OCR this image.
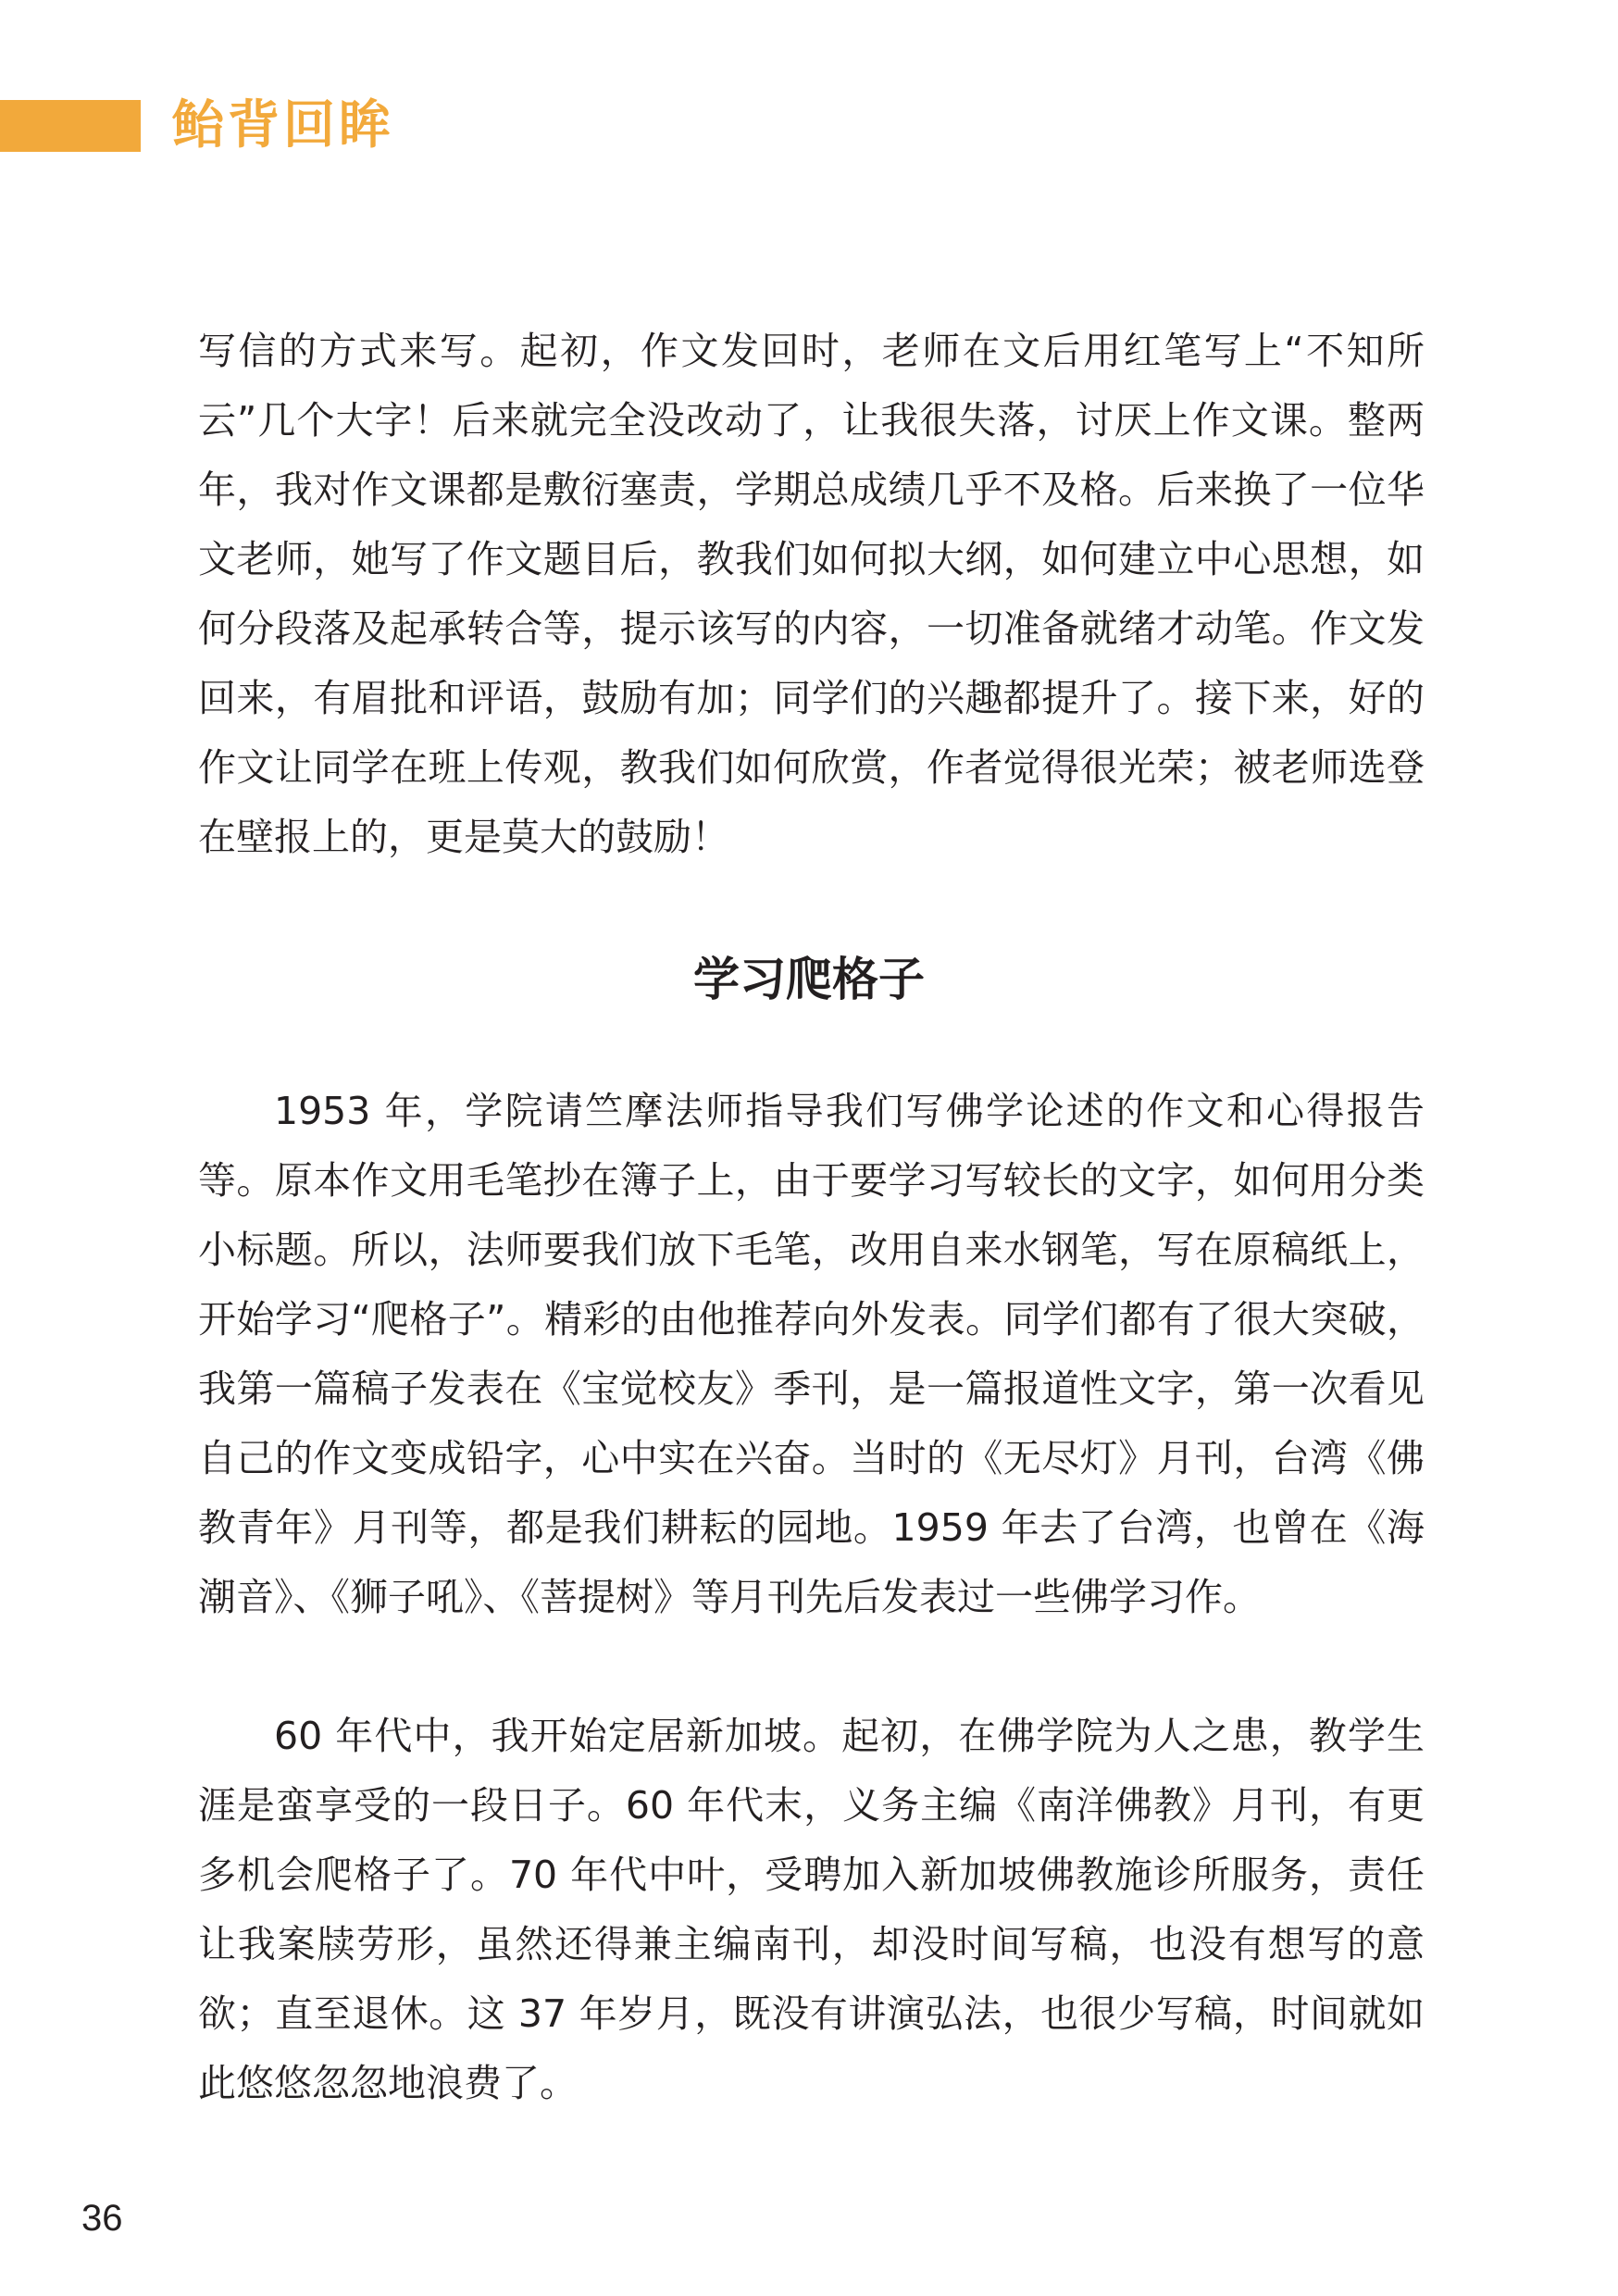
鲐背回眸

写信的方式来写。起初，作文发回时，老师在文后用红笔写上“不知所云”几个大字！后来就完全没改动了，让我很失落，讨厌上作文课。整两年，我对作文课都是敷衍塞责，学期总成绩几乎不及格。后来换了一位华文老师，她写了作文题目后，教我们如何拟大纲，如何建立中心思想，如何分段落及起承转合等，提示该写的内容，一切准备就绪才动笔。作文发回来，有眉批和评语，鼓励有加；同学们的兴趣都提升了。接下来，好的作文让同学在班上传观，教我们如何欣赏，作者觉得很光荣；被老师选登在壁报上的，更是莫大的鼓励！

学习爬格子

1953 年，学院请竺摩法师指导我们写佛学论述的作文和心得报告等。原本作文用毛笔抄在簿子上，由于要学习写较长的文字，如何用分类小标题。所以，法师要我们放下毛笔，改用自来水钢笔，写在原稿纸上，开始学习“爬格子”。精彩的由他推荐向外发表。同学们都有了很大突破，我第一篇稿子发表在《宝觉校友》季刊，是一篇报道性文字，第一次看见自己的作文变成铅字，心中实在兴奋。当时的《无尽灯》月刊，台湾《佛教青年》月刊等，都是我们耕耘的园地。1959 年去了台湾，也曾在《海潮音》、《狮子吼》、《菩提树》等月刊先后发表过一些佛学习作。

60 年代中，我开始定居新加坡。起初，在佛学院为人之患，教学生涯是蛮享受的一段日子。60 年代末，义务主编《南洋佛教》月刊，有更多机会爬格子了。70 年代中叶，受聘加入新加坡佛教施诊所服务，责任让我案牍劳形，虽然还得兼主编南刊，却没时间写稿，也没有想写的意欲；直至退休。这 37 年岁月，既没有讲演弘法，也很少写稿，时间就如此悠悠忽忽地浪费了。

36
